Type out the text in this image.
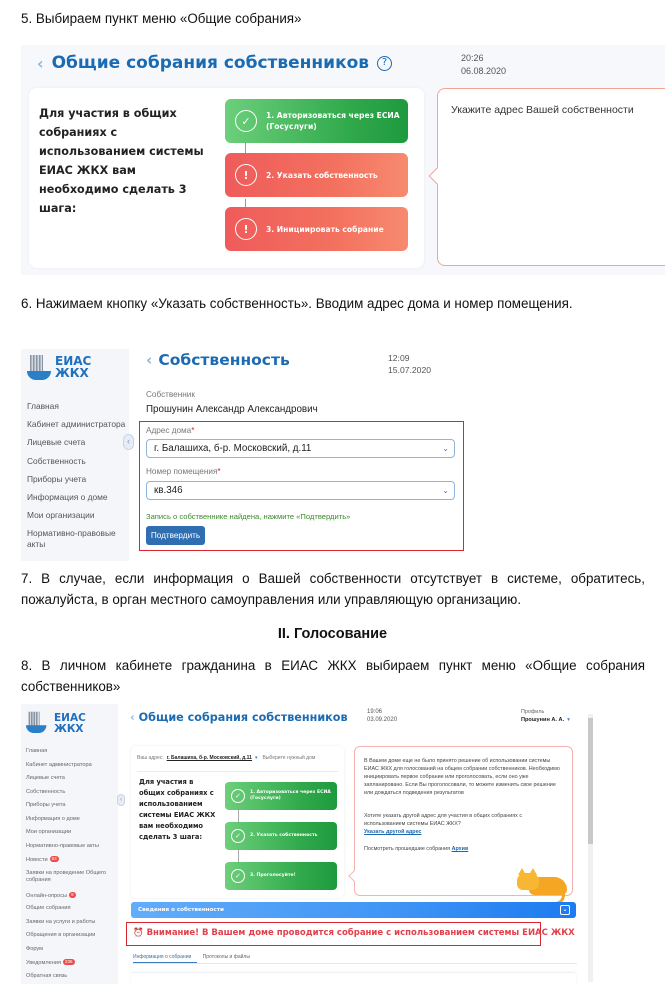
5. Выбираем пункт меню «Общие собрания»

‹ Общие собрания собственников	?	20:26
06.08.2020
Для участия в общих собраниях с использованием системы ЕИАС ЖКХ вам необходимо сделать 3 шага:
✓	1. Авторизоваться через ЕСИА (Госуслуги)
!	2. Указать собственность
!	3. Инициировать собрание
Укажите адрес Вашей собственности

6. Нажимаем кнопку «Указать собственность». Вводим адрес дома и номер помещения.

ЕИАС
ЖКХ
Главная
Кабинет администратора
Лицевые счета
Собственность
Приборы учета
Информация о доме
Мои организации
Нормативно-правовые акты
‹
‹ Собственность	12:09
15.07.2020
Собственник
Прошунин Александр Александрович
Адрес дома*
г. Балашиха, б-р. Московский, д.11	⌄
Номер помещения*
кв.346	⌄
Запись о собственнике найдена, нажмите «Подтвердить»
Подтвердить

7. В случае, если информация о Вашей собственности отсутствует в системе, обратитесь, пожалуйста, в орган местного самоуправления или управляющую организацию.

II. Голосование

8. В личном кабинете гражданина в ЕИАС ЖКХ выбираем пункт меню «Общие собрания собственников»

ЕИАС
ЖКХ
Главная
Кабинет администратора
Лицевые счета
Собственность
Приборы учета
Информация о доме
Мои организации
Нормативно-правовые акты
Новости 63
Заявки на проведение Общего собрания
Онлайн-опросы 9
Общие собрания
Заявки на услуги и работы
Обращения в организации
Форум
Уведомления 236
Обратная связь
‹
‹ Общие собрания собственников	19:06
03.09.2020
Профиль
Прошунин А. А. ▾
Ваш адрес: г. Балашиха, б-р. Московский, д.11 ▾ Выберите нужный дом
Для участия в общих собраниях с использованием системы ЕИАС ЖКХ вам необходимо сделать 3 шага:
✓	1. Авторизоваться через ЕСИА (Госуслуги)
✓	2. Указать собственность
✓	3. Проголосуйте!

В Вашем доме еще не было принято решение об использовании системы ЕИАС ЖКХ для голосований на общем собрании собственников. Необходимо инициировать первое собрание или проголосовать, если оно уже запланировано. Если Вы проголосовали, то можете изменить свое решение или дождаться подведения результатов

Хотите указать другой адрес для участия в общих собраниях с использованием системы ЕИАС ЖКХ?
Указать другой адрес

Посмотреть прошедшие собрания Архив

Сведения о собственности	⌄
⏰ Внимание! В Вашем доме проводится собрание с использованием системы ЕИАС ЖКХ
Информация о собрании Протоколы и файлы
